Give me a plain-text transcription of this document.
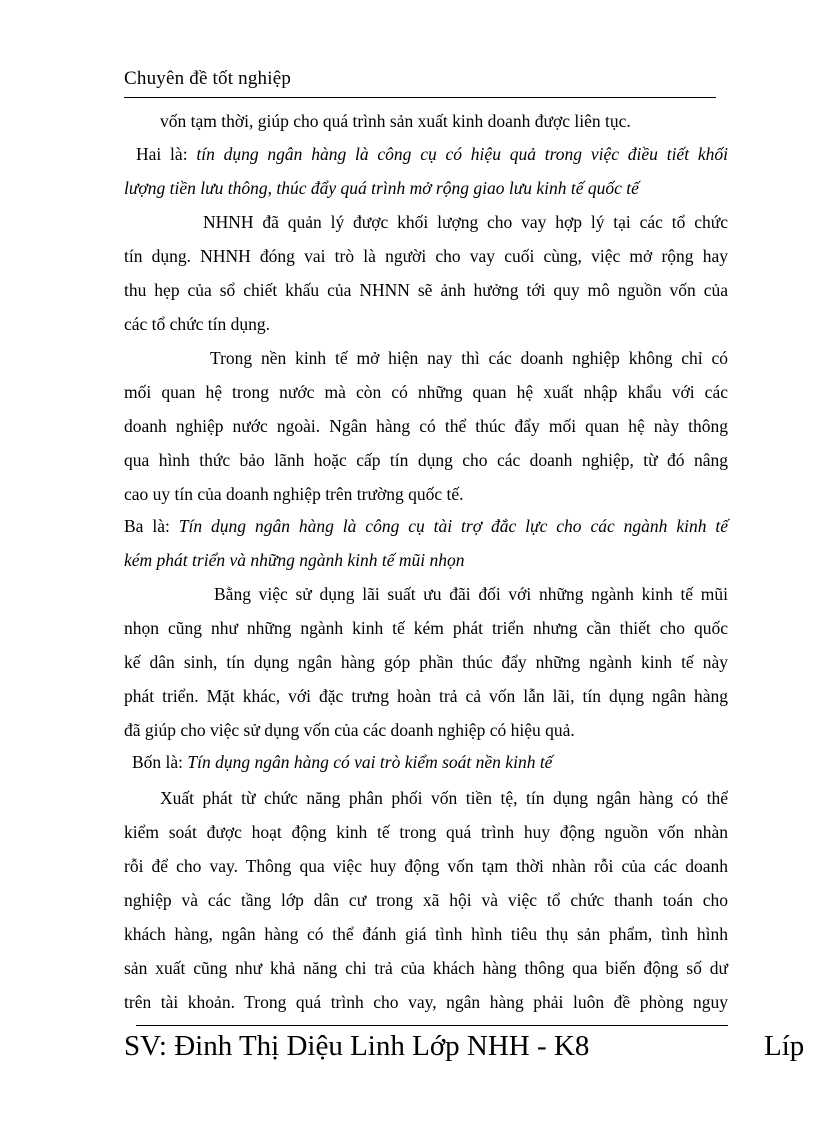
Chuyên đề tốt nghiệp
vốn tạm thời, giúp cho quá trình sản xuất kinh doanh được liên tục.
Hai là: tín dụng ngân hàng là công cụ có hiệu quả trong việc điều tiết khối
lượng tiền lưu thông, thúc đẩy quá trình mở rộng giao lưu kinh tế quốc tế
NHNH đã quản lý được khối lượng cho vay hợp lý tại các tổ chức
tín dụng. NHNH đóng vai trò là người cho vay cuối cùng, việc mở rộng hay
thu hẹp của sổ chiết khấu của NHNN sẽ ảnh hưởng tới quy mô nguồn vốn của
các tổ chức tín dụng.
Trong nền kinh tế mở hiện nay thì các doanh nghiệp không chỉ có
mối quan hệ trong nước mà còn có những quan hệ xuất nhập khẩu với các
doanh nghiệp nước ngoài. Ngân hàng có thể thúc đẩy mối quan hệ này thông
qua hình thức bảo lãnh hoặc cấp tín dụng cho các doanh nghiệp, từ đó nâng
cao uy tín của doanh nghiệp trên trường quốc tế.
Ba là: Tín dụng ngân hàng là công cụ tài trợ đắc lực cho các ngành kinh tế
kém phát triển và những ngành kinh tế mũi nhọn
Bằng việc sử dụng lãi suất ưu đãi đối với những ngành kinh tế mũi
nhọn cũng như những ngành kinh tế kém phát triển nhưng cần thiết cho quốc
kế dân sinh, tín dụng ngân hàng góp phần thúc đẩy những ngành kinh tế này
phát triển. Mặt khác, với đặc trưng hoàn trả cả vốn lẫn lãi, tín dụng ngân hàng
đã giúp cho việc sử dụng vốn của các doanh nghiệp có hiệu quả.
Bốn là: Tín dụng ngân hàng có vai trò kiểm soát nền kinh tế
Xuất phát từ chức năng phân phối vốn tiền tệ, tín dụng ngân hàng có thể
kiểm soát được hoạt động kinh tế trong quá trình huy động nguồn vốn nhàn
rỗi để cho vay. Thông qua việc huy động vốn tạm thời nhàn rỗi của các doanh
nghiệp và các tầng lớp dân cư trong xã hội và việc tổ chức thanh toán cho
khách hàng, ngân hàng có thể đánh giá tình hình tiêu thụ sản phẩm, tình hình
sản xuất cũng như khả năng chi trả của khách hàng thông qua biến động số dư
trên tài khoản. Trong quá trình cho vay, ngân hàng phải luôn đề phòng nguy
SV: Đinh Thị Diệu Linh Lớp NHH - K8	Líp
